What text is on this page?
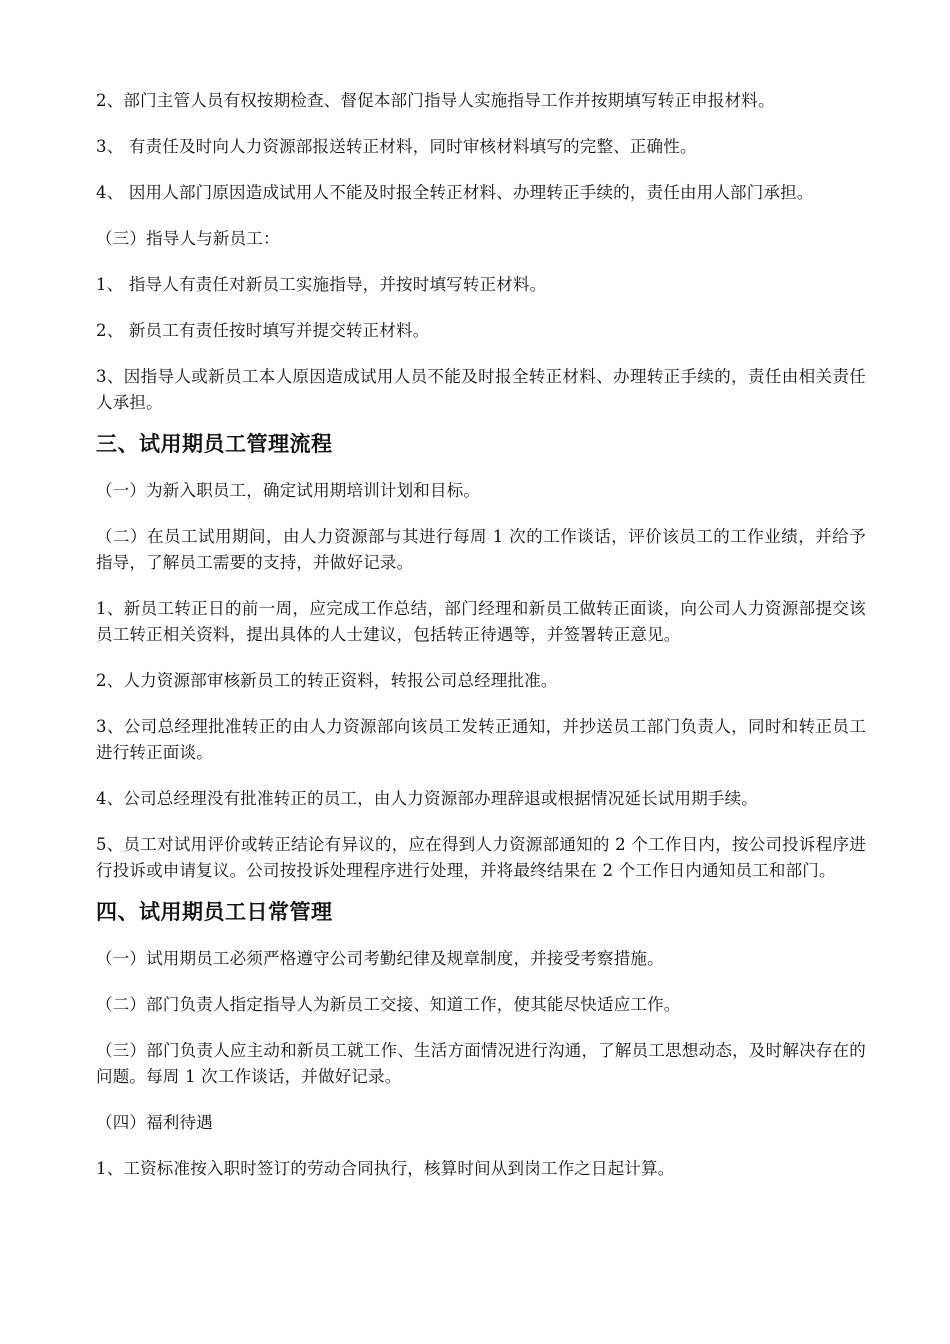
2、部门主管人员有权按期检查、督促本部门指导人实施指导工作并按期填写转正申报材料。

3、 有责任及时向人力资源部报送转正材料，同时审核材料填写的完整、正确性。

4、 因用人部门原因造成试用人不能及时报全转正材料、办理转正手续的，责任由用人部门承担。

（三）指导人与新员工：

1、 指导人有责任对新员工实施指导，并按时填写转正材料。

2、 新员工有责任按时填写并提交转正材料。

3、因指导人或新员工本人原因造成试用人员不能及时报全转正材料、办理转正手续的，责任由相关责任人承担。

三、试用期员工管理流程

（一）为新入职员工，确定试用期培训计划和目标。

（二）在员工试用期间，由人力资源部与其进行每周 1 次的工作谈话，评价该员工的工作业绩，并给予指导，了解员工需要的支持，并做好记录。

1、新员工转正日的前一周，应完成工作总结，部门经理和新员工做转正面谈，向公司人力资源部提交该员工转正相关资料，提出具体的人士建议，包括转正待遇等，并签署转正意见。

2、人力资源部审核新员工的转正资料，转报公司总经理批准。

3、公司总经理批准转正的由人力资源部向该员工发转正通知，并抄送员工部门负责人，同时和转正员工进行转正面谈。

4、公司总经理没有批准转正的员工，由人力资源部办理辞退或根据情况延长试用期手续。

5、员工对试用评价或转正结论有异议的，应在得到人力资源部通知的 2 个工作日内，按公司投诉程序进行投诉或申请复议。公司按投诉处理程序进行处理，并将最终结果在 2 个工作日内通知员工和部门。

四、试用期员工日常管理

（一）试用期员工必须严格遵守公司考勤纪律及规章制度，并接受考察措施。

（二）部门负责人指定指导人为新员工交接、知道工作，使其能尽快适应工作。

（三）部门负责人应主动和新员工就工作、生活方面情况进行沟通，了解员工思想动态，及时解决存在的问题。每周 1 次工作谈话，并做好记录。

（四）福利待遇

1、工资标准按入职时签订的劳动合同执行，核算时间从到岗工作之日起计算。
